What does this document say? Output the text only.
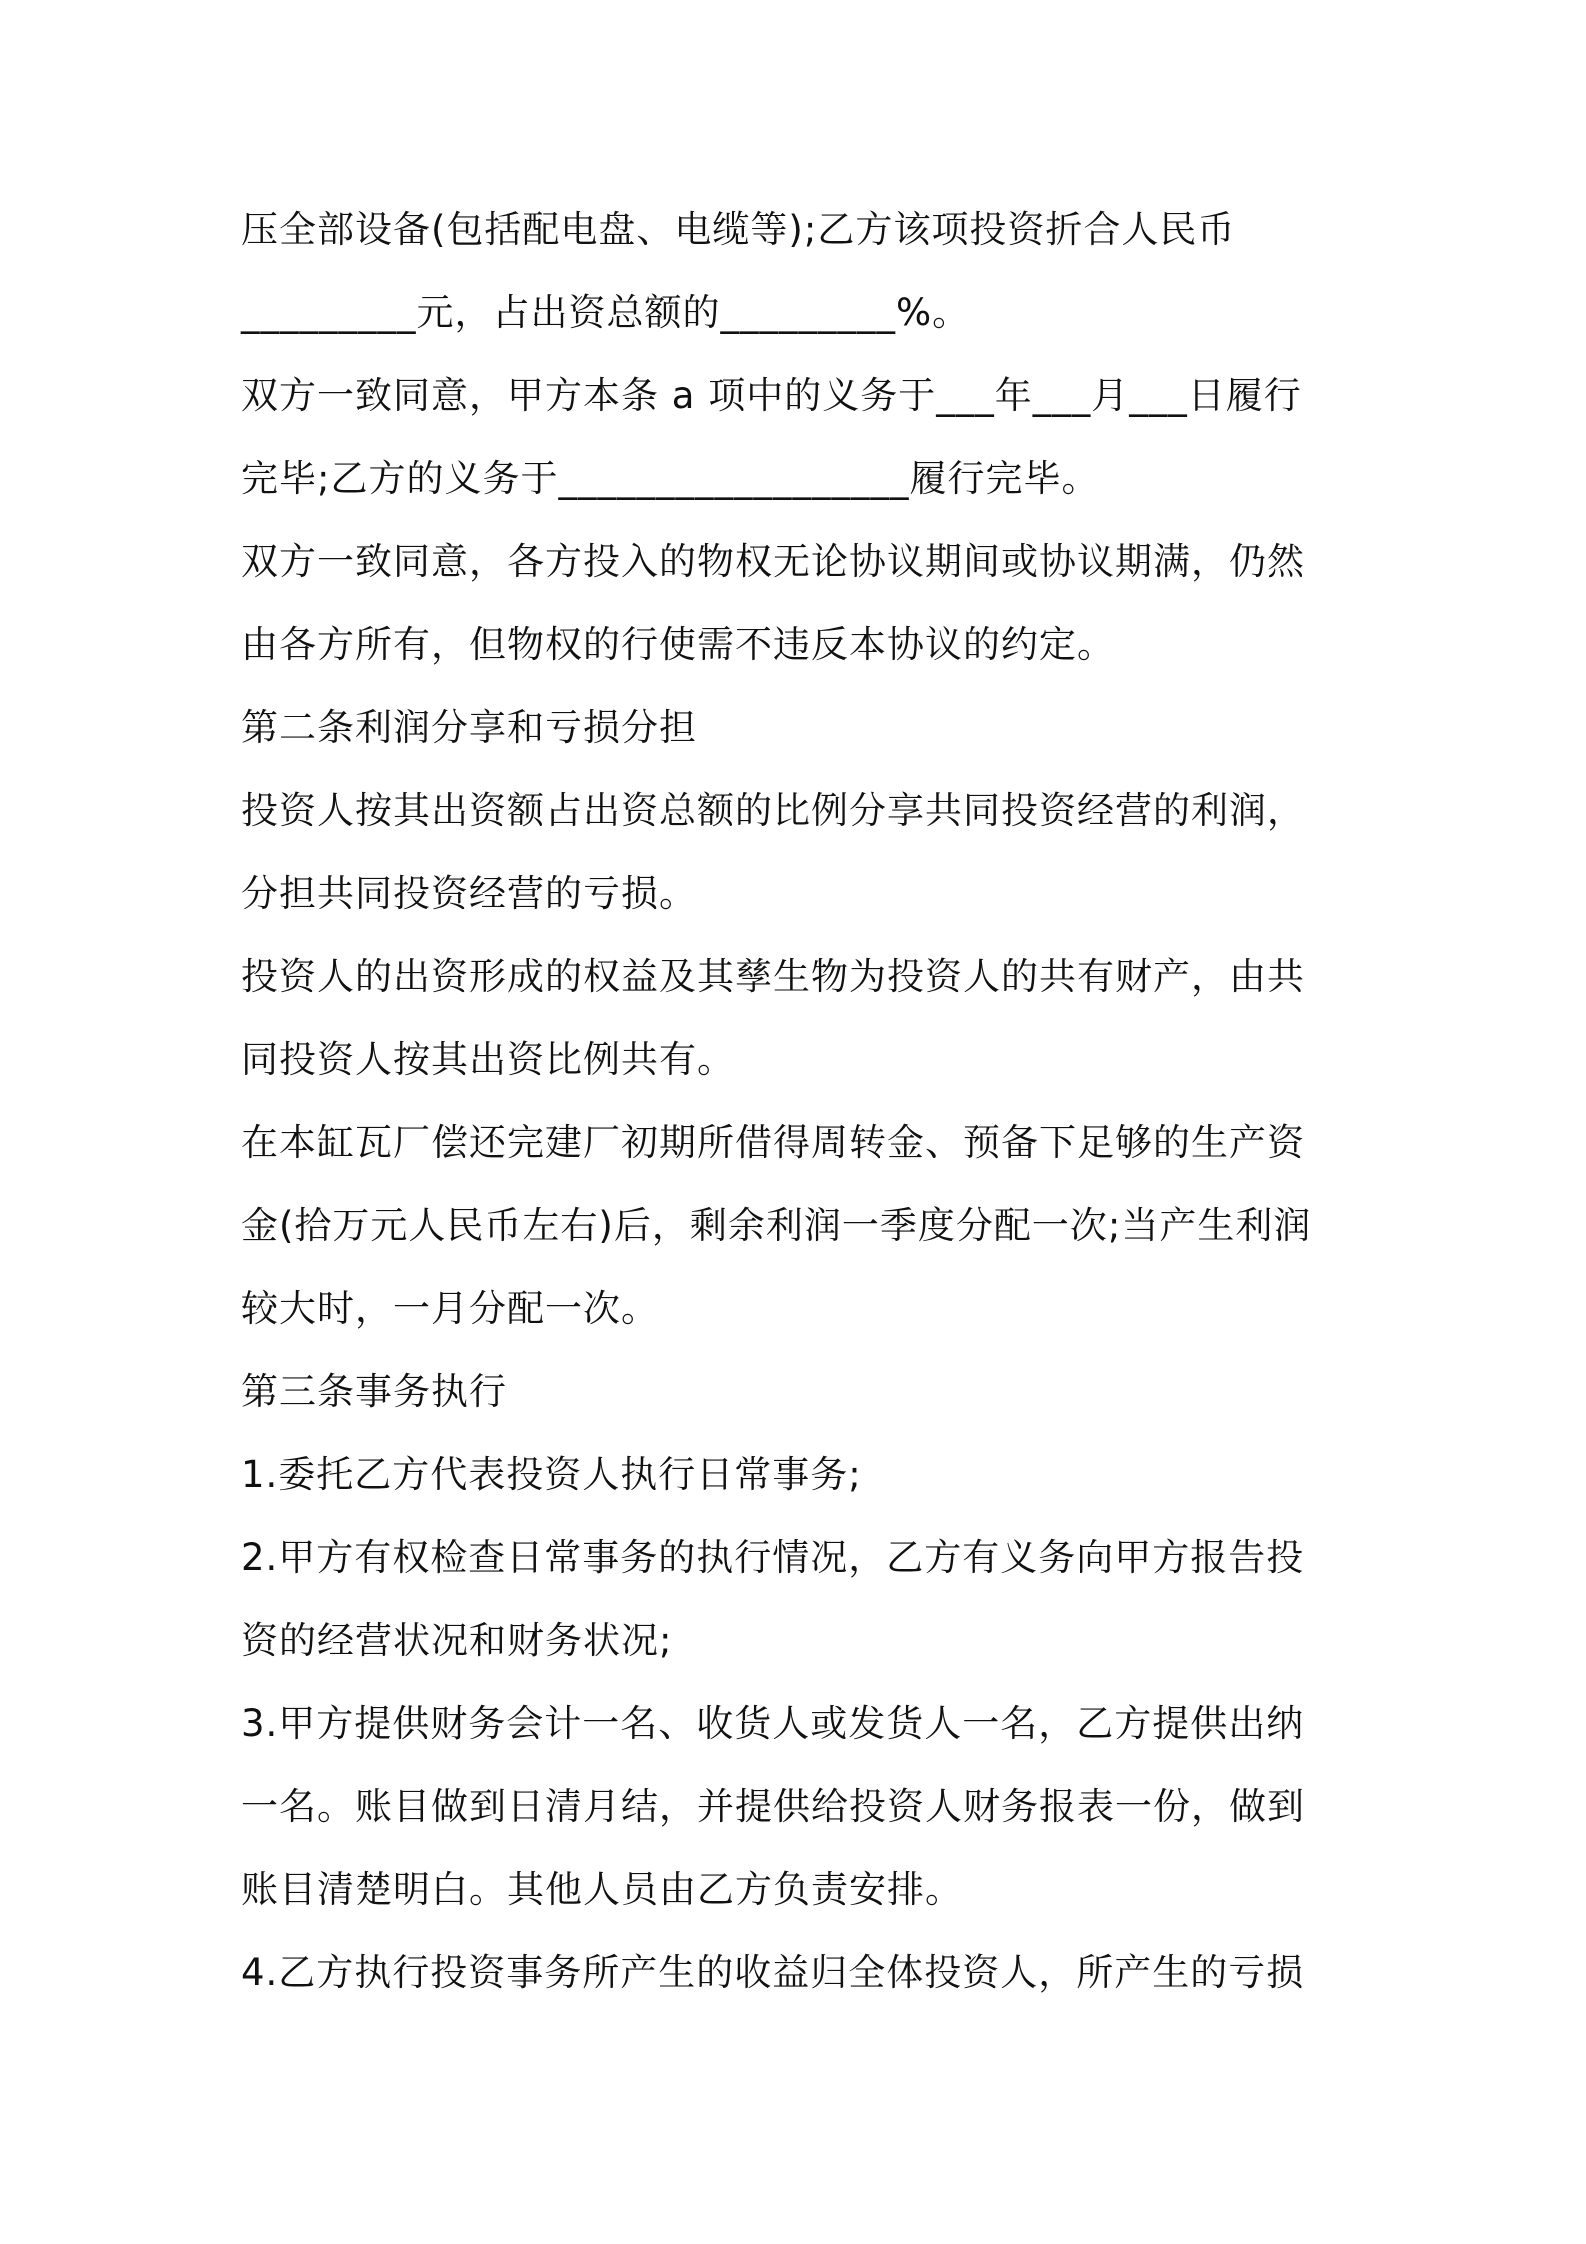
压全部设备(包括配电盘、电缆等);乙方该项投资折合人民币

_________元，占出资总额的_________%。

双方一致同意，甲方本条 a 项中的义务于___年___月___日履行

完毕;乙方的义务于__________________履行完毕。

双方一致同意，各方投入的物权无论协议期间或协议期满，仍然

由各方所有，但物权的行使需不违反本协议的约定。

第二条利润分享和亏损分担

投资人按其出资额占出资总额的比例分享共同投资经营的利润，

分担共同投资经营的亏损。

投资人的出资形成的权益及其孳生物为投资人的共有财产，由共

同投资人按其出资比例共有。

在本缸瓦厂偿还完建厂初期所借得周转金、预备下足够的生产资

金(拾万元人民币左右)后，剩余利润一季度分配一次;当产生利润

较大时，一月分配一次。

第三条事务执行

1.委托乙方代表投资人执行日常事务;

2.甲方有权检查日常事务的执行情况，乙方有义务向甲方报告投

资的经营状况和财务状况;

3.甲方提供财务会计一名、收货人或发货人一名，乙方提供出纳

一名。账目做到日清月结，并提供给投资人财务报表一份，做到

账目清楚明白。其他人员由乙方负责安排。

4.乙方执行投资事务所产生的收益归全体投资人，所产生的亏损
